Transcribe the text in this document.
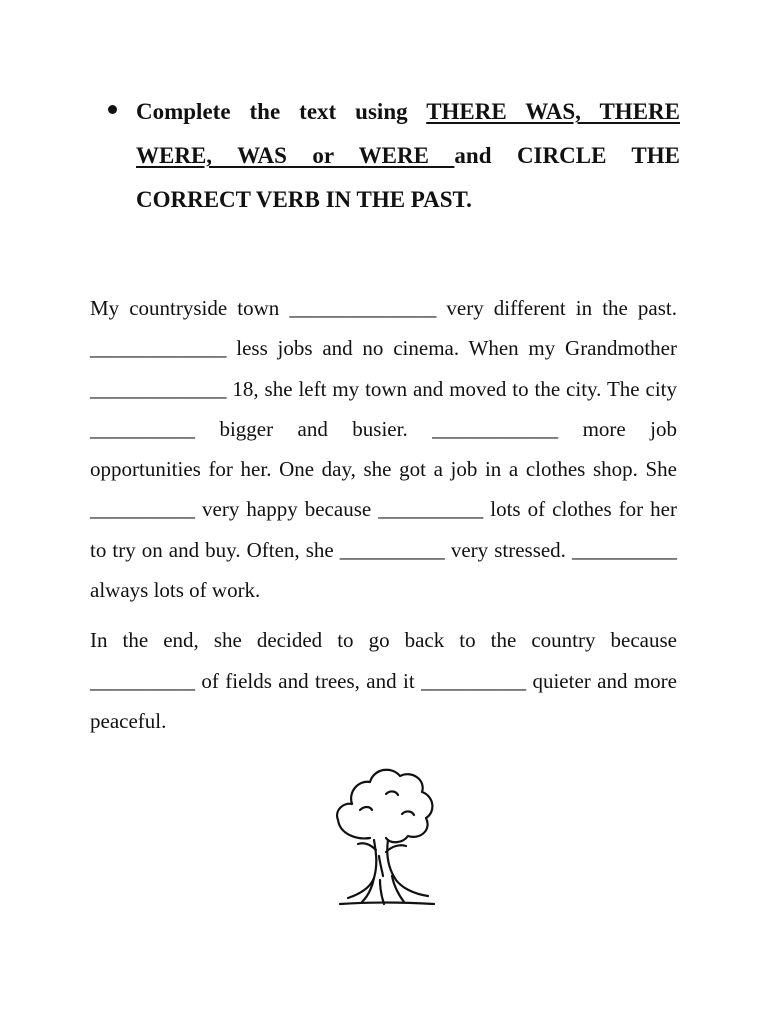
Complete the text using THERE WAS, THERE WERE, WAS or WERE and CIRCLE THE CORRECT VERB IN THE PAST.

My countryside town ______________ very different in the past. _____________ less jobs and no cinema. When my Grandmother _____________ 18, she left my town and moved to the city. The city __________ bigger and busier. ____________ more job opportunities for her. One day, she got a job in a clothes shop. She __________ very happy because __________ lots of clothes for her to try on and buy. Often, she __________ very stressed. __________ always lots of work.

In the end, she decided to go back to the country because __________ of fields and trees, and it __________ quieter and more peaceful.
